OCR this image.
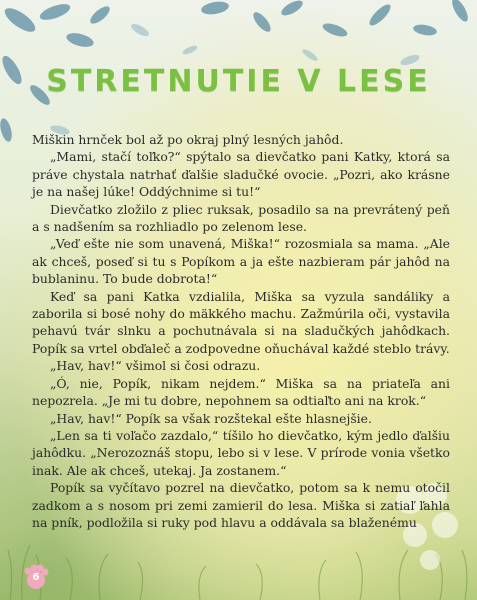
STRETNUTIE V LESE

Miškin hrnček bol až po okraj plný lesných jahôd.

„Mami, stačí toľko?“ spýtalo sa dievčatko pani Katky, ktorá sa práve chystala natrhať ďalšie sladučké ovocie. „Pozri, ako krásne je na našej lúke! Oddýchnime si tu!“

Dievčatko zložilo z pliec ruksak, posadilo sa na prevrátený peň a s nadšením sa rozhliadlo po zelenom lese.

„Veď ešte nie som unavená, Miška!“ rozosmiala sa mama. „Ale ak chceš, poseď si tu s Popíkom a ja ešte nazbieram pár jahôd na bublaninu. To bude dobrota!“

Keď sa pani Katka vzdialila, Miška sa vyzula sandáliky a zaborila si bosé nohy do mäkkého machu. Zažmúrila oči, vystavila pehavú tvár slnku a pochutnávala si na sladučkých jahôdkach. Popík sa vrtel obďaleč a zodpovedne oňuchával každé steblo trávy.

„Hav, hav!“ všimol si čosi odrazu.

„Ó, nie, Popík, nikam nejdem.“ Miška sa na priateľa ani nepozrela. „Je mi tu dobre, nepohnem sa odtiaľto ani na krok.“

„Hav, hav!“ Popík sa však rozštekal ešte hlasnejšie.

„Len sa ti voľačo zazdalo,“ tíšilo ho dievčatko, kým jedlo ďalšiu jahôdku. „Nerozoznáš stopu, lebo si v lese. V prírode vonia všetko inak. Ale ak chceš, utekaj. Ja zostanem.“

Popík sa vyčítavo pozrel na dievčatko, potom sa k nemu otočil zadkom a s nosom pri zemi zamieril do lesa. Miška si zatiaľ ľahla na pník, podložila si ruky pod hlavu a oddávala sa blaženému

6
